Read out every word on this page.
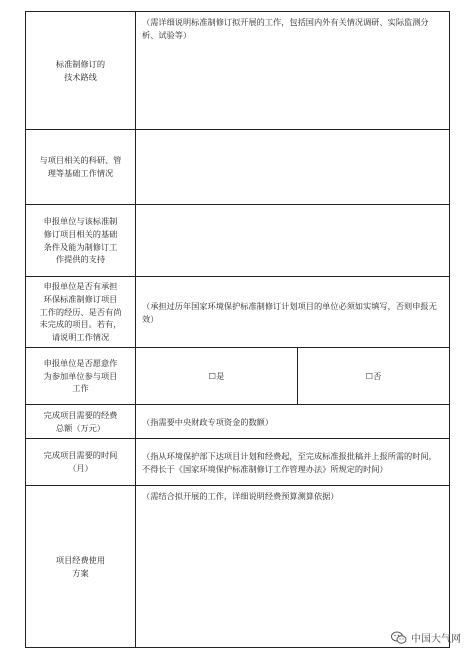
标准制修订的
技术路线	（需详细说明标准制修订拟开展的工作，包括国内外有关情况调研、实际监测分析、试验等）	

与项目相关的科研、管
理等基础工作情况		

申报单位与该标准制
修订项目相关的基础
条件及能为制修订工
作提供的支持		

申报单位是否有承担
环保标准制修订项目
工作的经历、是否有尚
未完成的项目。若有，
请说明工作情况	（承担过历年国家环境保护标准制修订计划项目的单位必须如实填写，否则申报无效）	

申报单位是否愿意作
为参加单位参与项目
工作	☐是	☐否

完成项目需要的经费
总额（万元）	（指需要中央财政专项资金的数额）	

完成项目需要的时间
（月）	（指从环境保护部下达项目计划和经费起，至完成标准报批稿并上报所需的时间，不得长于《国家环境保护标准制修订工作管理办法》所规定的时间）	

项目经费使用
方案	（需结合拟开展的工作，详细说明经费预算测算依据）	
中国大气网
